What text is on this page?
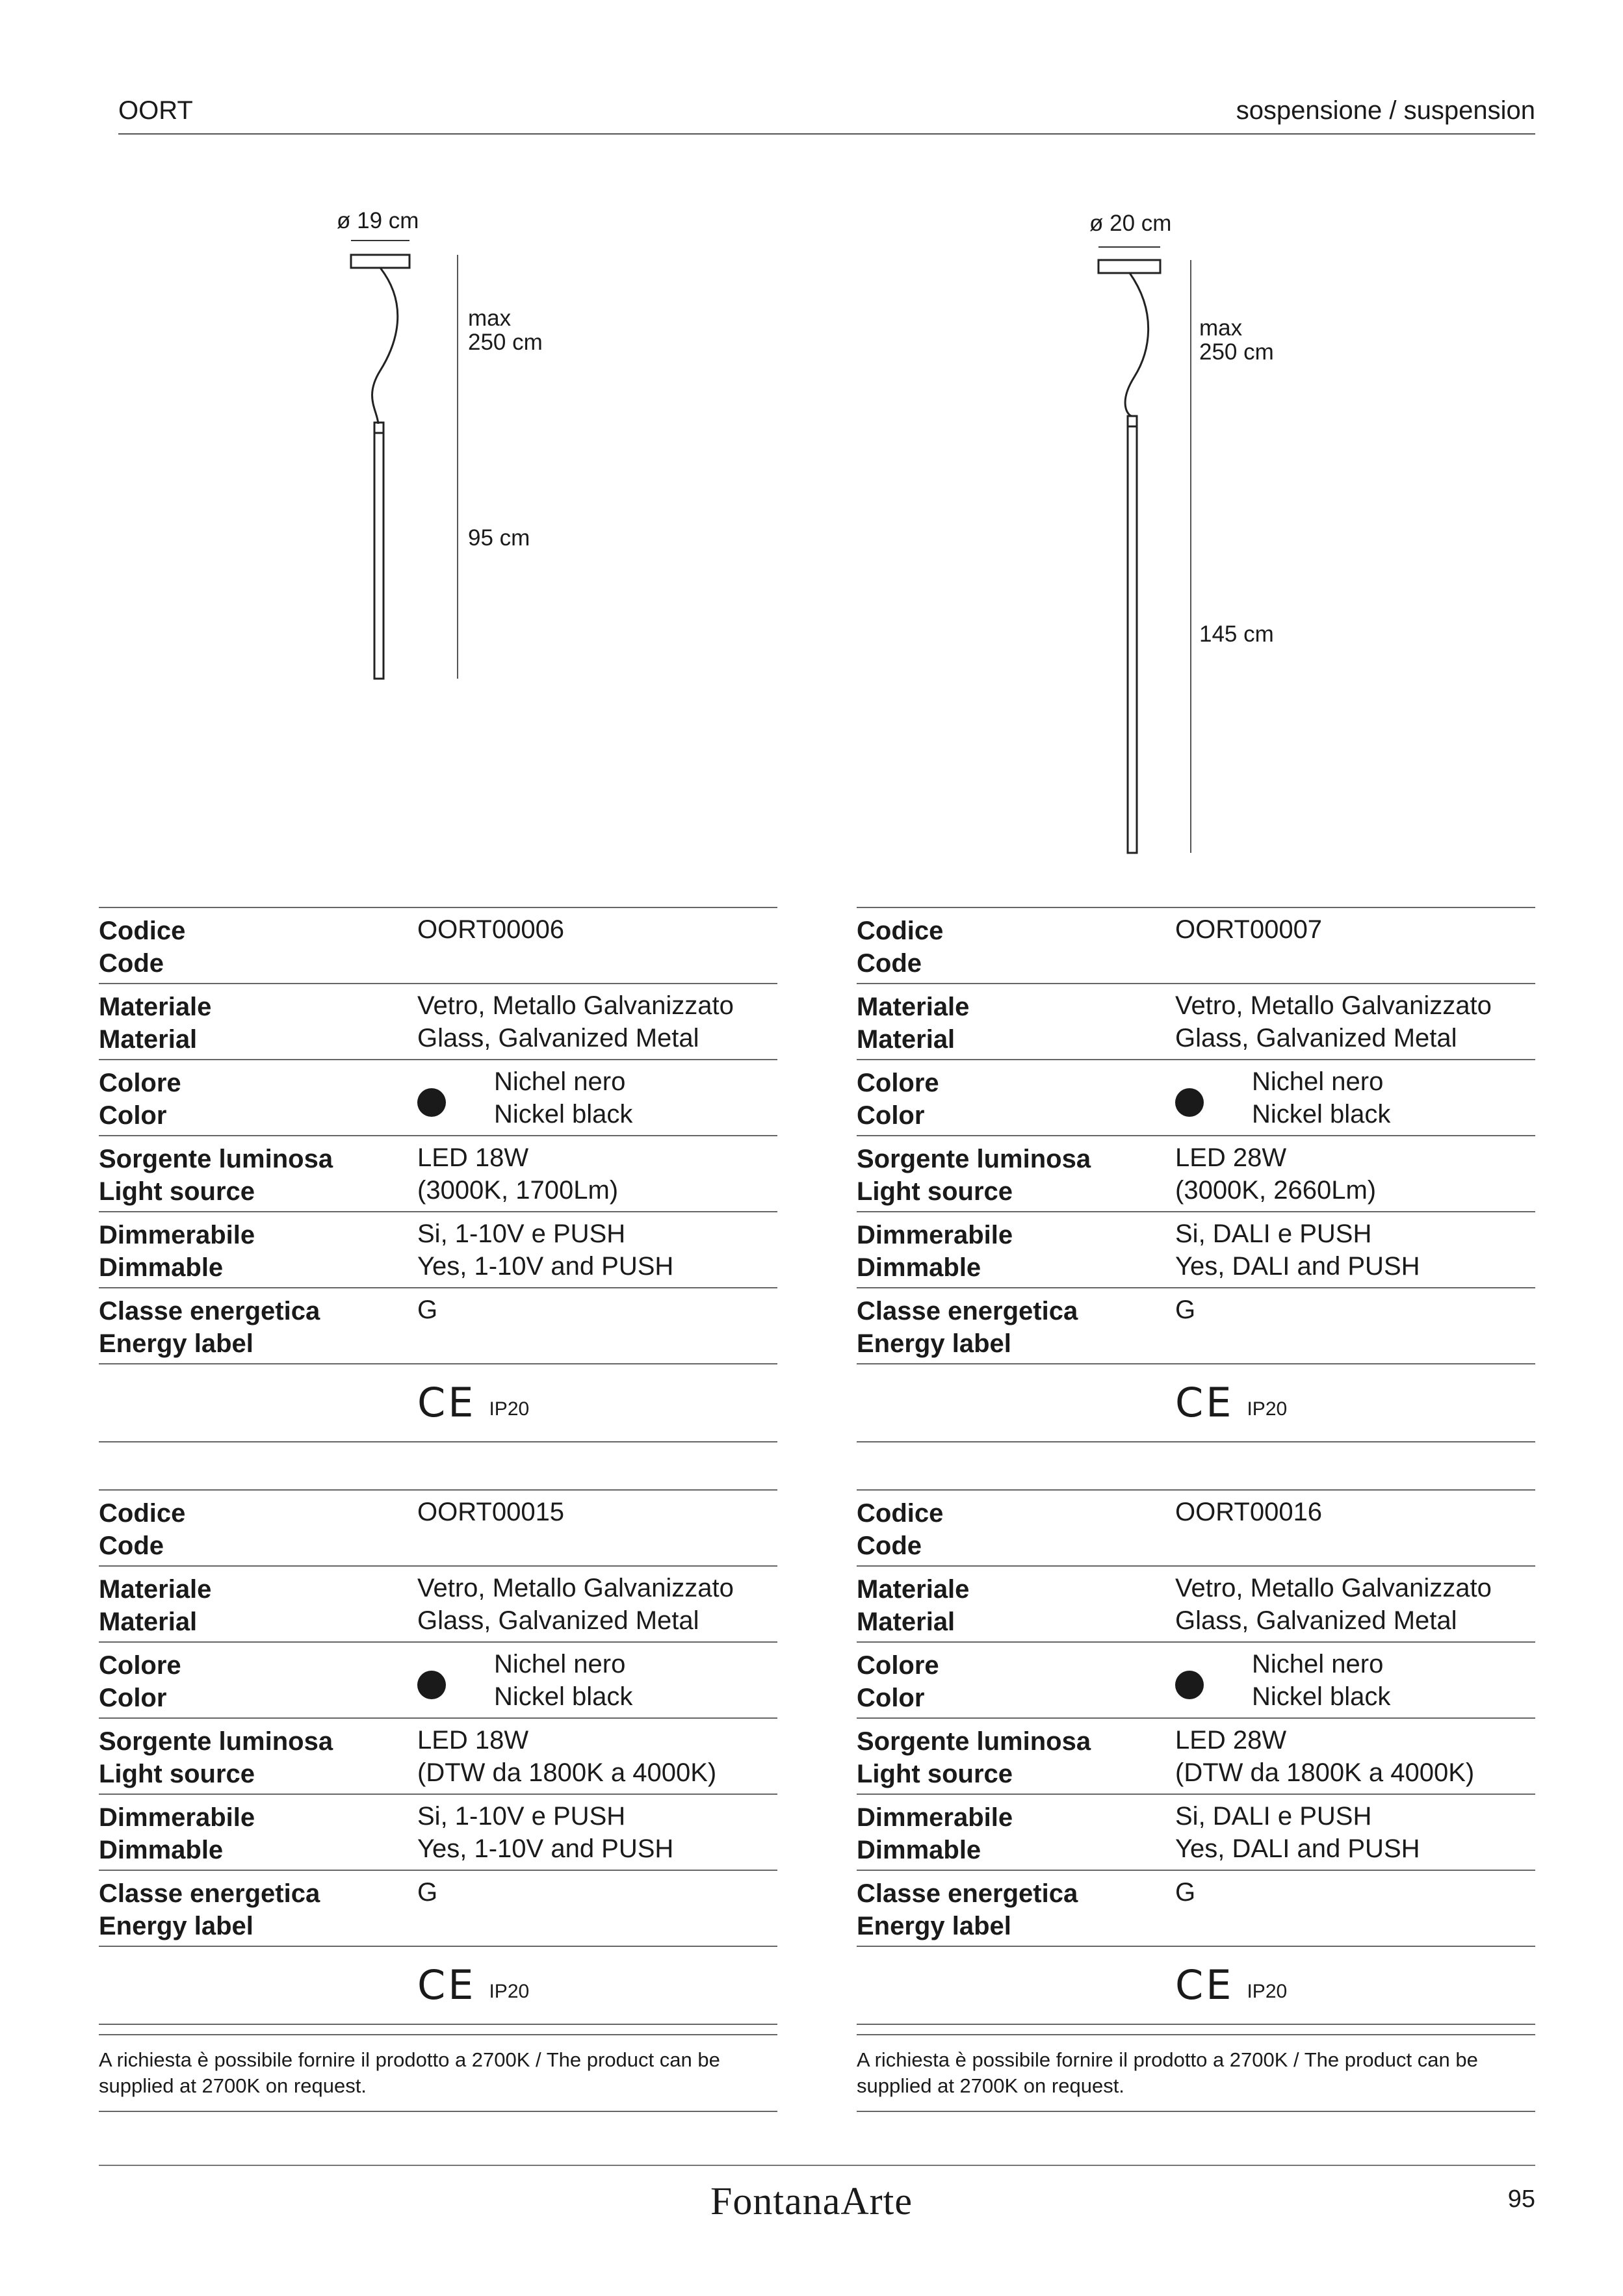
OORT	sospensione / suspension
ø 19 cm
max
250 cm
95 cm
ø 20 cm
max
250 cm
145 cm
Codice
Code
OORT00006
Materiale
Material
Vetro, Metallo Galvanizzato
Glass, Galvanized Metal
Colore
Color
Nichel nero
Nickel black
Sorgente luminosa
Light source
LED 18W
(3000K, 1700Lm)
Dimmerabile
Dimmable
Si, 1-10V e PUSH
Yes, 1-10V and PUSH
Classe energetica
Energy label
G
CE IP20
Codice
Code
OORT00007
Materiale
Material
Vetro, Metallo Galvanizzato
Glass, Galvanized Metal
Colore
Color
Nichel nero
Nickel black
Sorgente luminosa
Light source
LED 28W
(3000K, 2660Lm)
Dimmerabile
Dimmable
Si, DALI e PUSH
Yes, DALI and PUSH
Classe energetica
Energy label
G
CE IP20
Codice
Code
OORT00015
Materiale
Material
Vetro, Metallo Galvanizzato
Glass, Galvanized Metal
Colore
Color
Nichel nero
Nickel black
Sorgente luminosa
Light source
LED 18W
(DTW da 1800K a 4000K)
Dimmerabile
Dimmable
Si, 1-10V e PUSH
Yes, 1-10V and PUSH
Classe energetica
Energy label
G
CE IP20
Codice
Code
OORT00016
Materiale
Material
Vetro, Metallo Galvanizzato
Glass, Galvanized Metal
Colore
Color
Nichel nero
Nickel black
Sorgente luminosa
Light source
LED 28W
(DTW da 1800K a 4000K)
Dimmerabile
Dimmable
Si, DALI e PUSH
Yes, DALI and PUSH
Classe energetica
Energy label
G
CE IP20
A richiesta è possibile fornire il prodotto a 2700K / The product can be supplied at 2700K on request.
A richiesta è possibile fornire il prodotto a 2700K / The product can be supplied at 2700K on request.
FontanaArte	95
